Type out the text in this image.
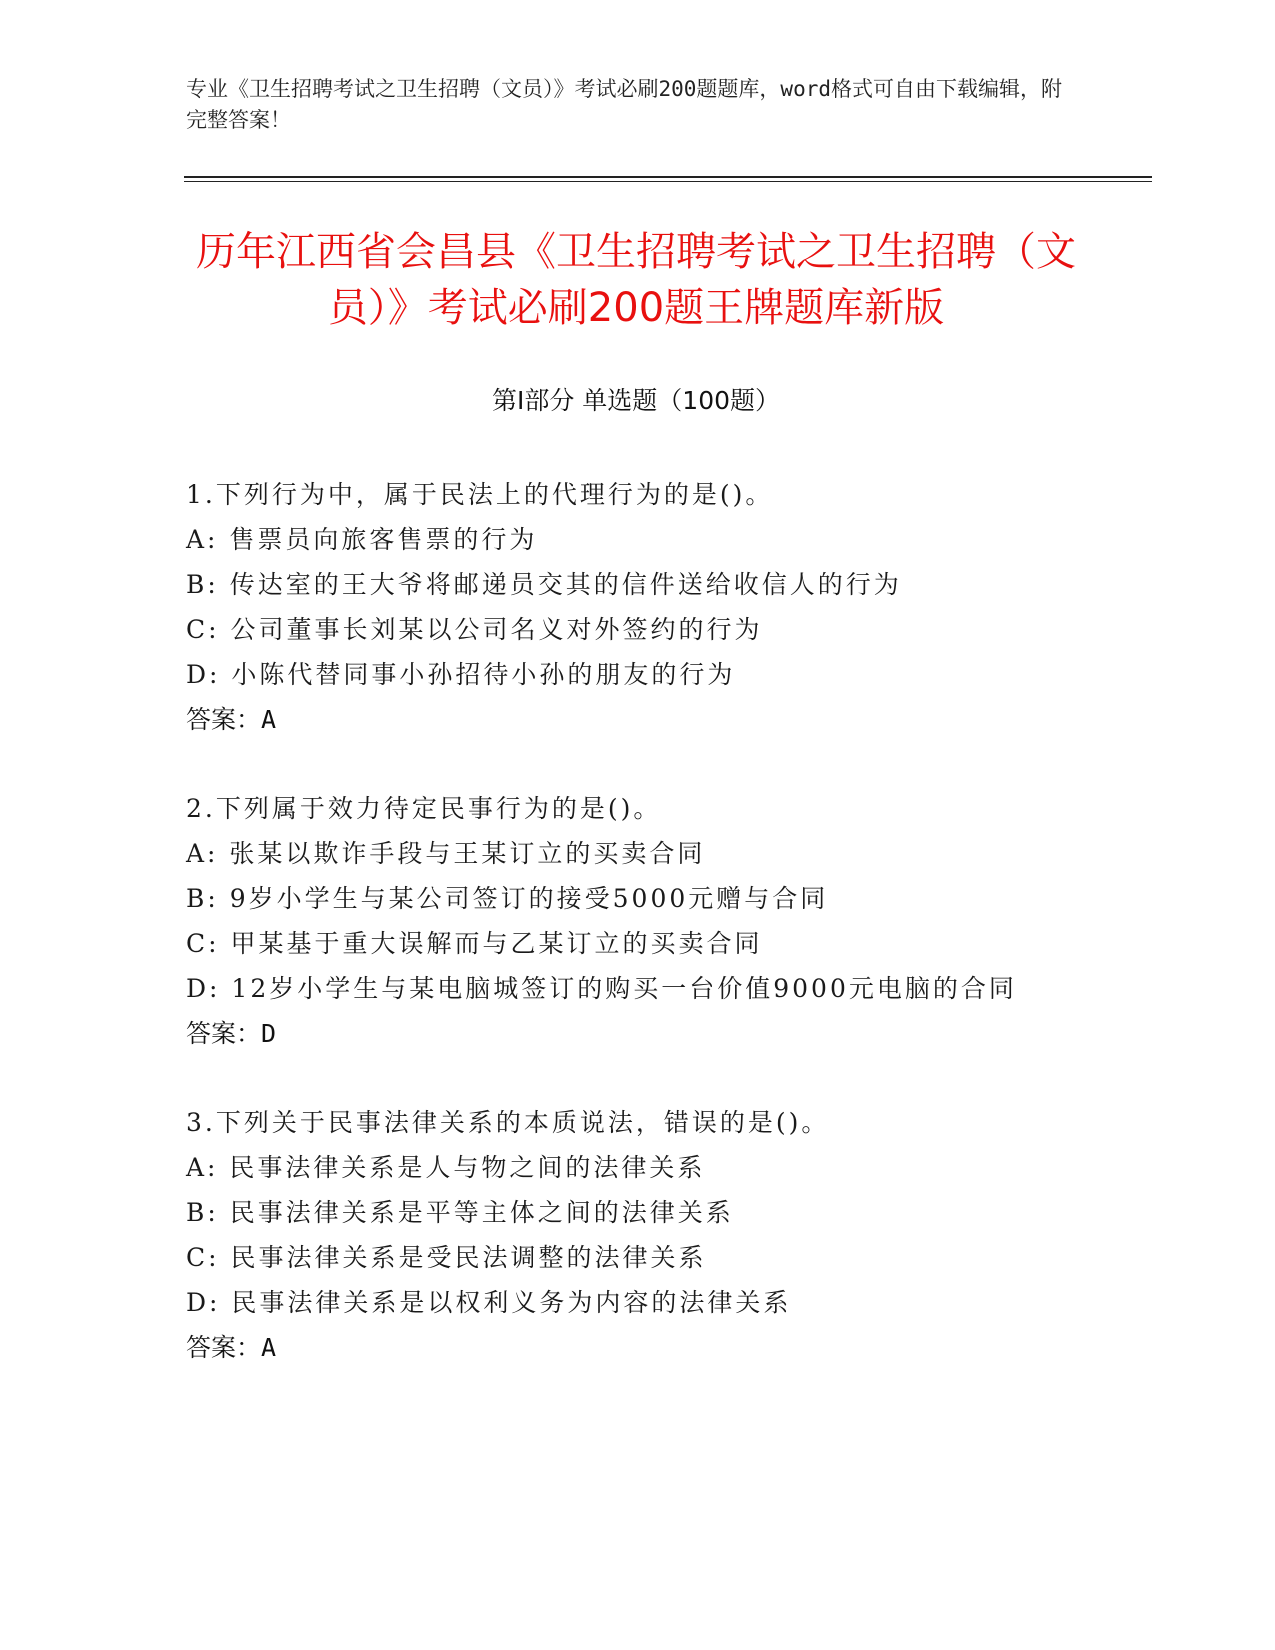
专业《卫生招聘考试之卫生招聘（文员）》考试必刷200题题库，word格式可自由下载编辑，附完整答案！
历年江西省会昌县《卫生招聘考试之卫生招聘（文员）》考试必刷200题王牌题库新版
第Ⅰ部分 单选题（100题）
1.下列行为中，属于民法上的代理行为的是()。
A: 售票员向旅客售票的行为
B: 传达室的王大爷将邮递员交其的信件送给收信人的行为
C: 公司董事长刘某以公司名义对外签约的行为
D: 小陈代替同事小孙招待小孙的朋友的行为
答案：A
2.下列属于效力待定民事行为的是()。
A: 张某以欺诈手段与王某订立的买卖合同
B: 9岁小学生与某公司签订的接受5000元赠与合同
C: 甲某基于重大误解而与乙某订立的买卖合同
D: 12岁小学生与某电脑城签订的购买一台价值9000元电脑的合同
答案：D
3.下列关于民事法律关系的本质说法，错误的是()。
A: 民事法律关系是人与物之间的法律关系
B: 民事法律关系是平等主体之间的法律关系
C: 民事法律关系是受民法调整的法律关系
D: 民事法律关系是以权利义务为内容的法律关系
答案：A
